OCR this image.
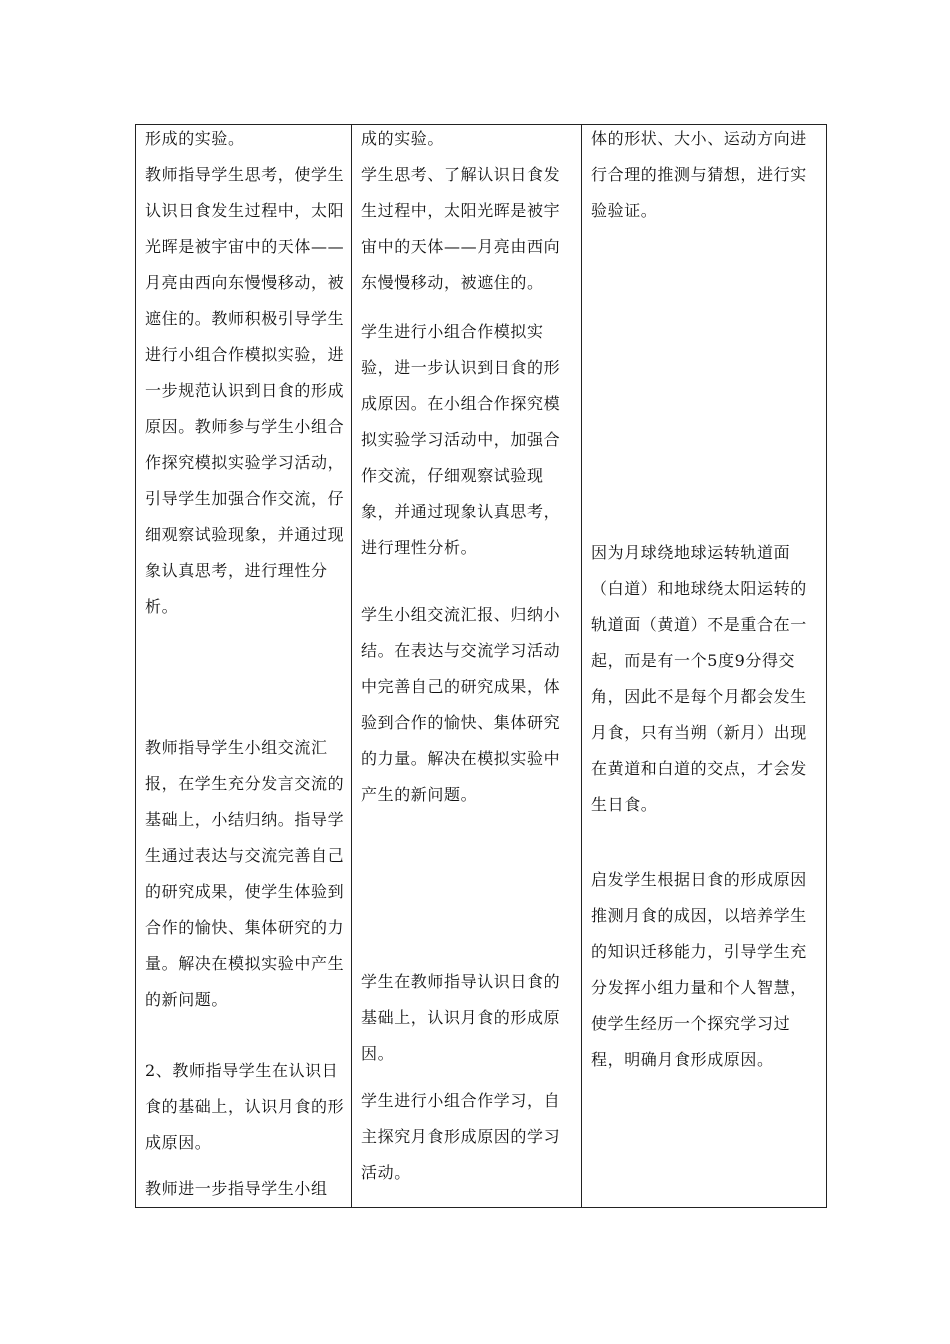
形成的实验。

教师指导学生思考，使学生认识日食发生过程中，太阳光晖是被宇宙中的天体——月亮由西向东慢慢移动，被遮住的。教师积极引导学生进行小组合作模拟实验，进一步规范认识到日食的形成原因。教师参与学生小组合作探究模拟实验学习活动，引导学生加强合作交流，仔细观察试验现象，并通过现象认真思考，进行理性分析。

教师指导学生小组交流汇报，在学生充分发言交流的基础上，小结归纳。指导学生通过表达与交流完善自己的研究成果，使学生体验到合作的愉快、集体研究的力量。解决在模拟实验中产生的新问题。

2、教师指导学生在认识日食的基础上，认识月食的形成原因。

教师进一步指导学生小组

成的实验。

学生思考、了解认识日食发生过程中，太阳光晖是被宇宙中的天体——月亮由西向东慢慢移动，被遮住的。

学生进行小组合作模拟实验，进一步认识到日食的形成原因。在小组合作探究模拟实验学习活动中，加强合作交流，仔细观察试验现象，并通过现象认真思考，进行理性分析。

学生小组交流汇报、归纳小结。在表达与交流学习活动中完善自己的研究成果，体验到合作的愉快、集体研究的力量。解决在模拟实验中产生的新问题。

学生在教师指导认识日食的基础上，认识月食的形成原因。

学生进行小组合作学习，自主探究月食形成原因的学习活动。

体的形状、大小、运动方向进行合理的推测与猜想，进行实验验证。

因为月球绕地球运转轨道面（白道）和地球绕太阳运转的轨道面（黄道）不是重合在一起，而是有一个5度9分得交角，因此不是每个月都会发生月食，只有当朔（新月）出现在黄道和白道的交点，才会发生日食。

启发学生根据日食的形成原因推测月食的成因，以培养学生的知识迁移能力，引导学生充分发挥小组力量和个人智慧，使学生经历一个探究学习过程，明确月食形成原因。
